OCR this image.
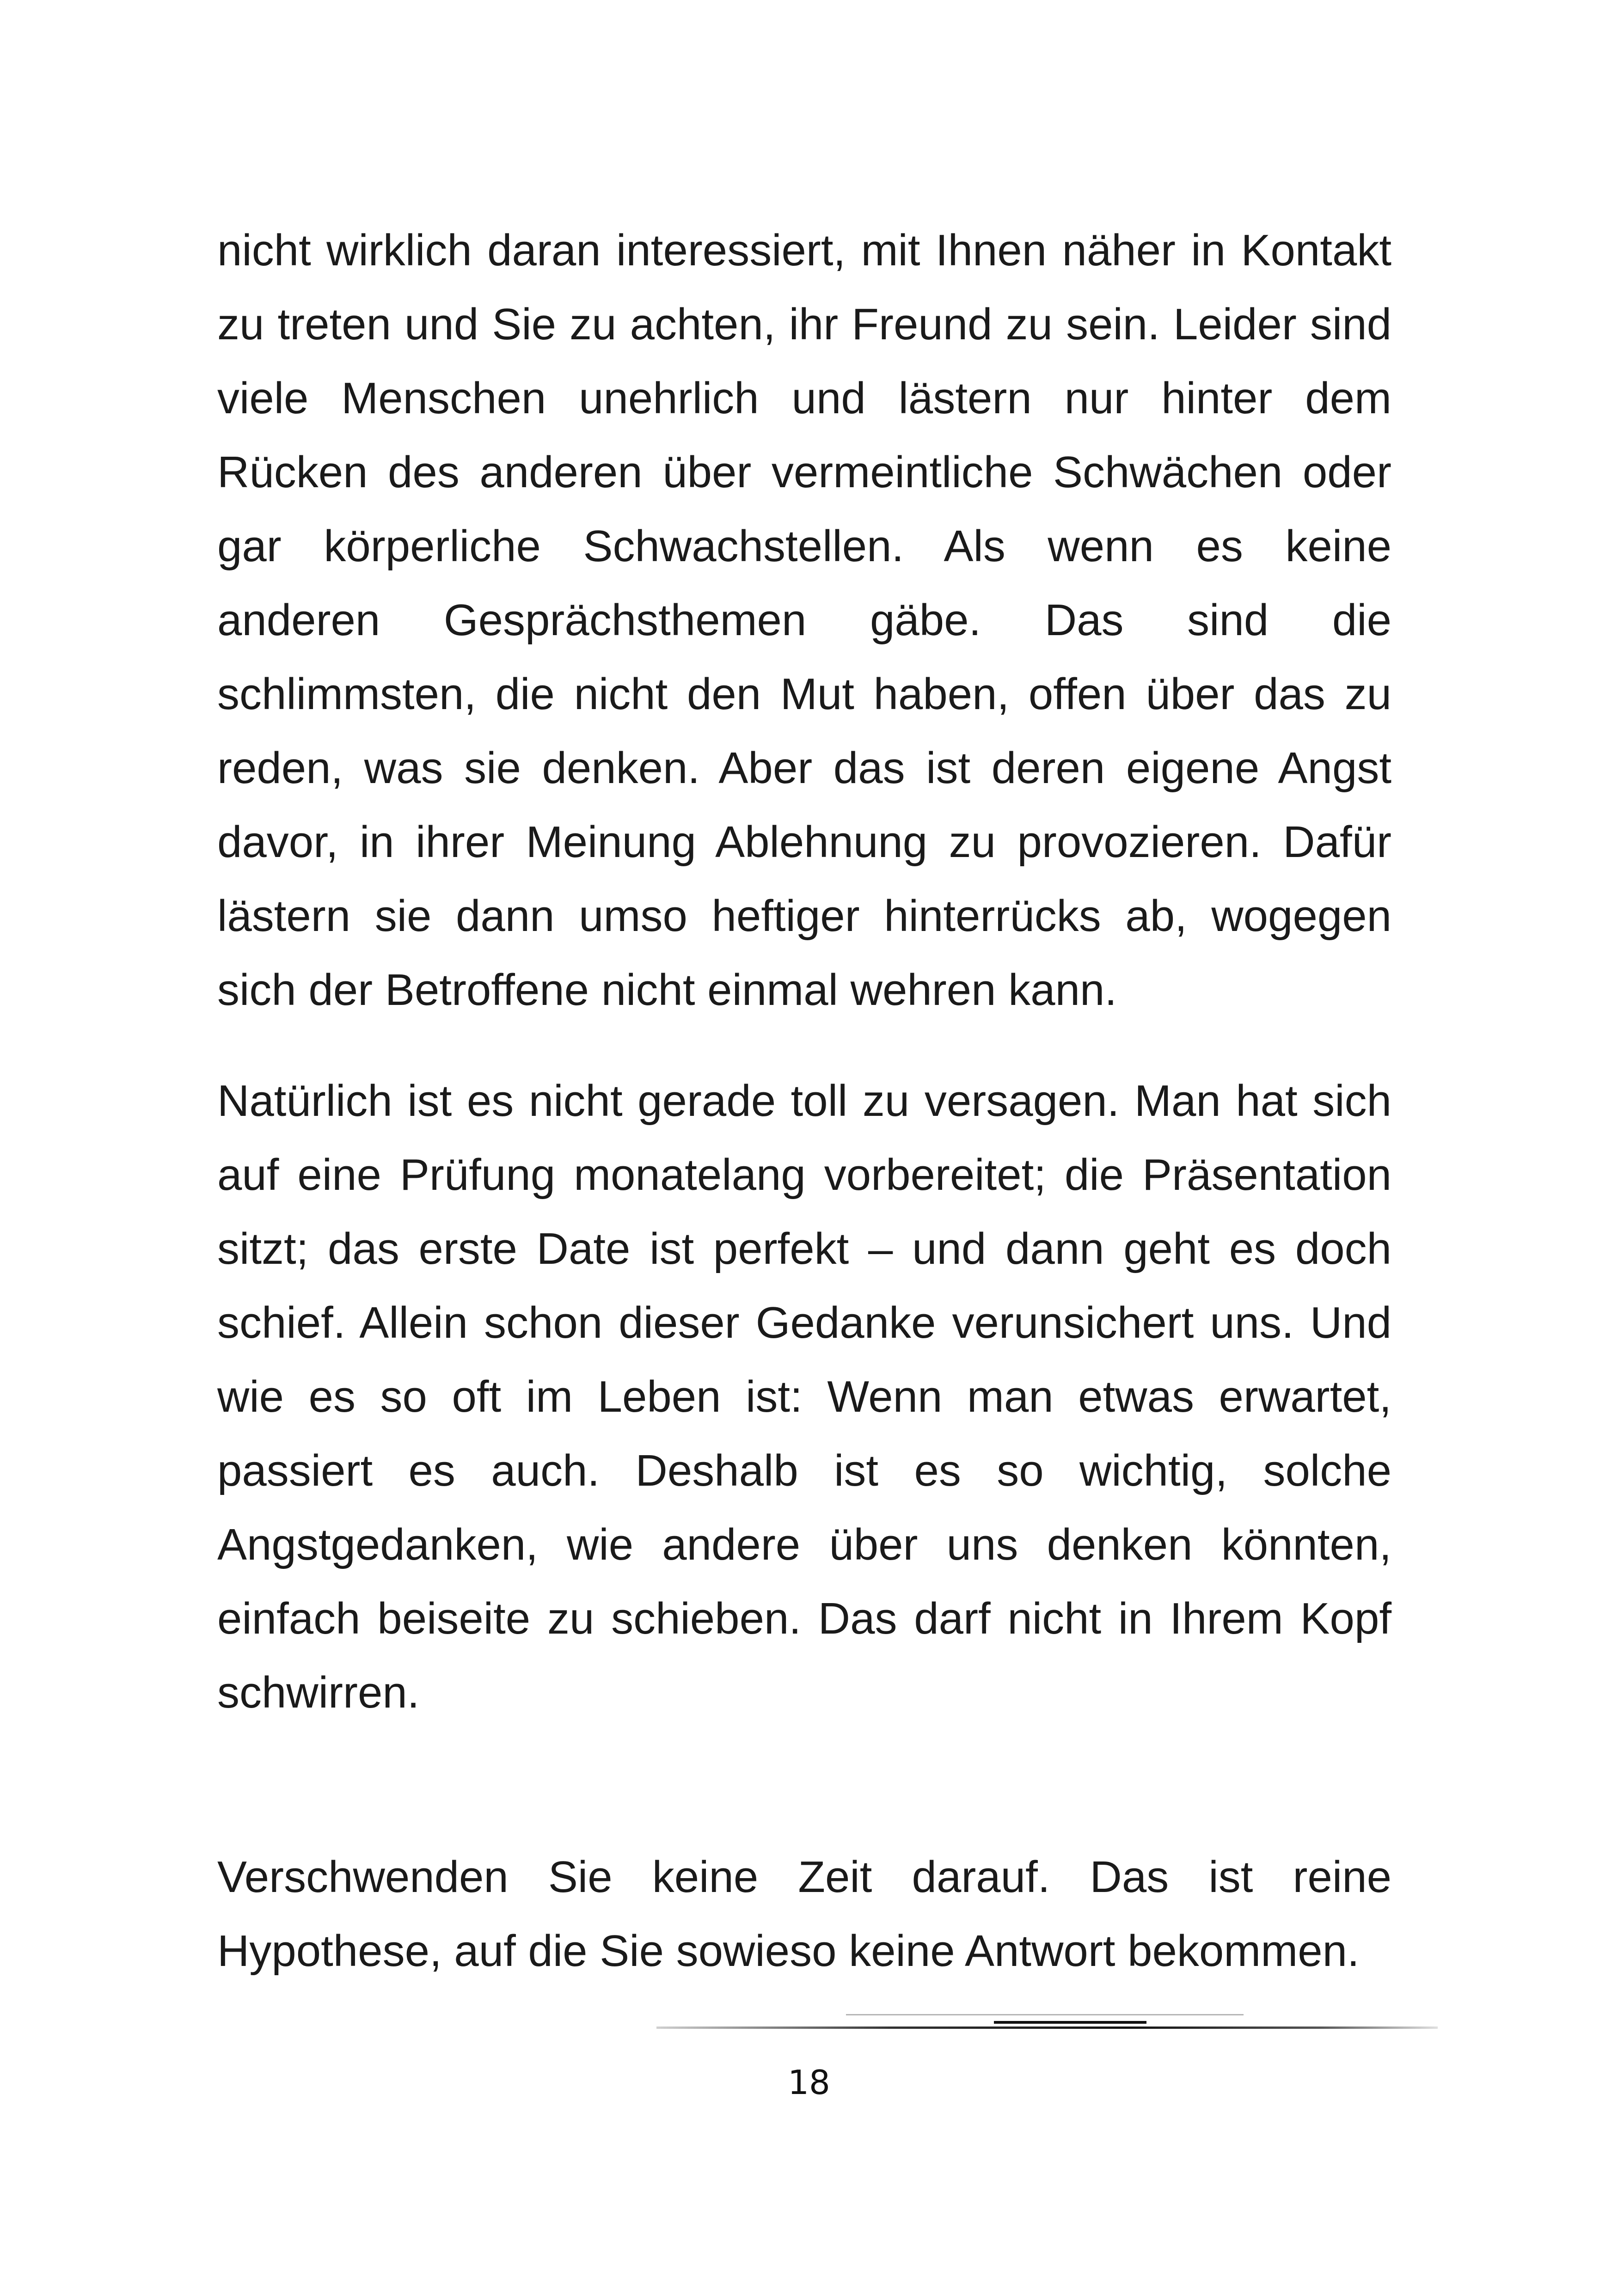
nicht wirklich daran interessiert, mit Ihnen näher in Kontakt
zu treten und Sie zu achten, ihr Freund zu sein. Leider sind
viele Menschen unehrlich und lästern nur hinter dem
Rücken des anderen über vermeintliche Schwächen oder
gar körperliche Schwachstellen. Als wenn es keine
anderen Gesprächsthemen gäbe. Das sind die
schlimmsten, die nicht den Mut haben, offen über das zu
reden, was sie denken. Aber das ist deren eigene Angst
davor, in ihrer Meinung Ablehnung zu provozieren. Dafür
lästern sie dann umso heftiger hinterrücks ab, wogegen
sich der Betroffene nicht einmal wehren kann.

Natürlich ist es nicht gerade toll zu versagen. Man hat sich
auf eine Prüfung monatelang vorbereitet; die Präsentation
sitzt; das erste Date ist perfekt – und dann geht es doch
schief. Allein schon dieser Gedanke verunsichert uns. Und
wie es so oft im Leben ist: Wenn man etwas erwartet,
passiert es auch. Deshalb ist es so wichtig, solche
Angstgedanken, wie andere über uns denken könnten,
einfach beiseite zu schieben. Das darf nicht in Ihrem Kopf
schwirren.

Verschwenden Sie keine Zeit darauf. Das ist reine
Hypothese, auf die Sie sowieso keine Antwort bekommen.

18
